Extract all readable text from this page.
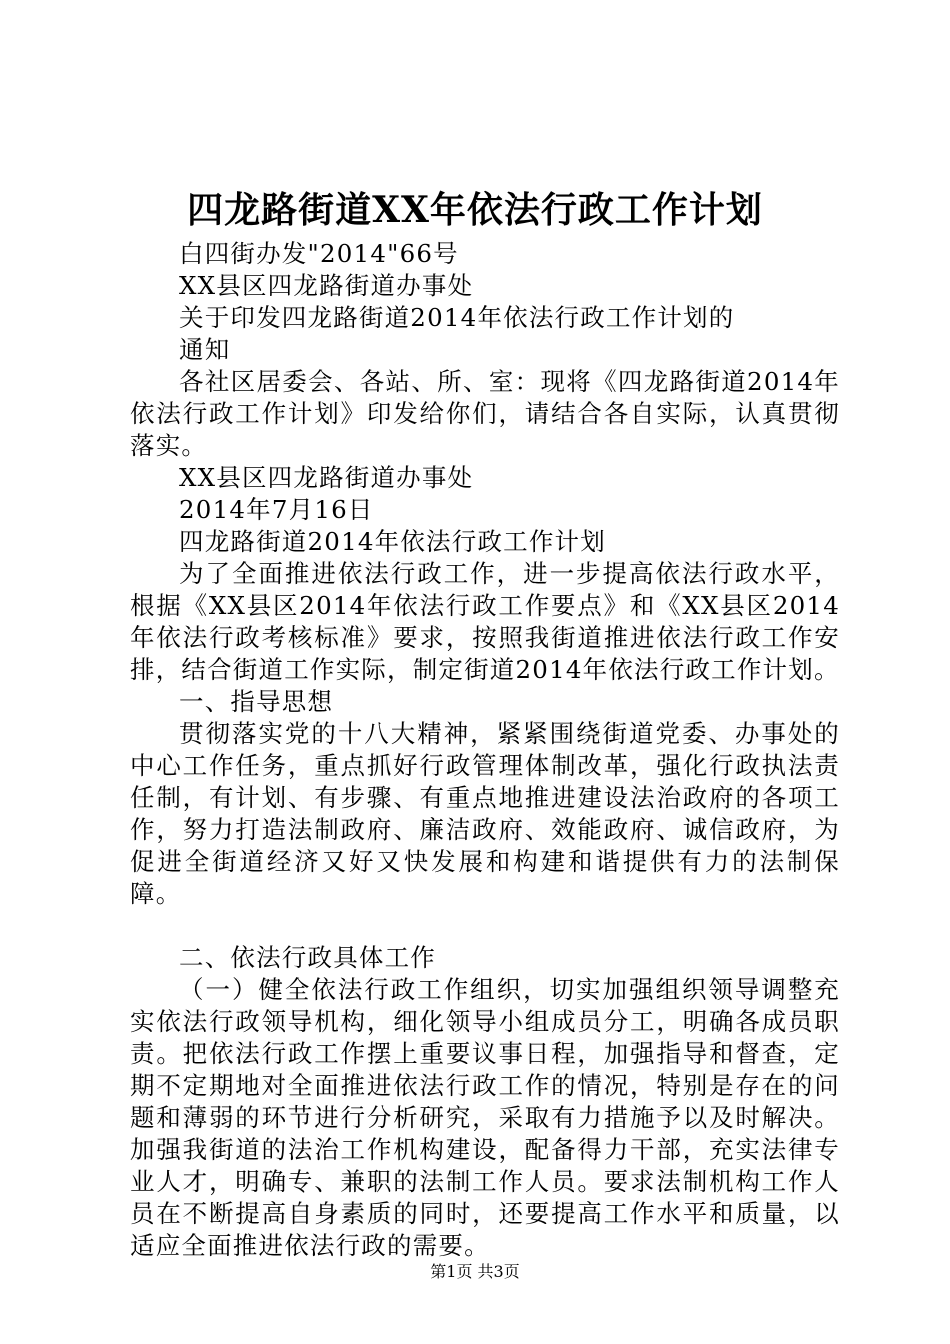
四龙路街道XX年依法行政工作计划

白四街办发"2014"66号

XX县区四龙路街道办事处

关于印发四龙路街道2014年依法行政工作计划的

通知

各社区居委会、各站、所、室：现将《四龙路街道2014年依法行政工作计划》印发给你们，请结合各自实际，认真贯彻落实。

XX县区四龙路街道办事处

2014年7月16日

四龙路街道2014年依法行政工作计划

为了全面推进依法行政工作，进一步提高依法行政水平，根据《XX县区2014年依法行政工作要点》和《XX县区2014年依法行政考核标准》要求，按照我街道推进依法行政工作安排，结合街道工作实际，制定街道2014年依法行政工作计划。

一、指导思想

贯彻落实党的十八大精神，紧紧围绕街道党委、办事处的中心工作任务，重点抓好行政管理体制改革，强化行政执法责任制，有计划、有步骤、有重点地推进建设法治政府的各项工作，努力打造法制政府、廉洁政府、效能政府、诚信政府，为促进全街道经济又好又快发展和构建和谐提供有力的法制保障。

二、依法行政具体工作

（一）健全依法行政工作组织，切实加强组织领导调整充实依法行政领导机构，细化领导小组成员分工，明确各成员职责。把依法行政工作摆上重要议事日程，加强指导和督查，定期不定期地对全面推进依法行政工作的情况，特别是存在的问题和薄弱的环节进行分析研究，采取有力措施予以及时解决。加强我街道的法治工作机构建设，配备得力干部，充实法律专业人才，明确专、兼职的法制工作人员。要求法制机构工作人员在不断提高自身素质的同时，还要提高工作水平和质量，以适应全面推进依法行政的需要。

第1页 共3页
